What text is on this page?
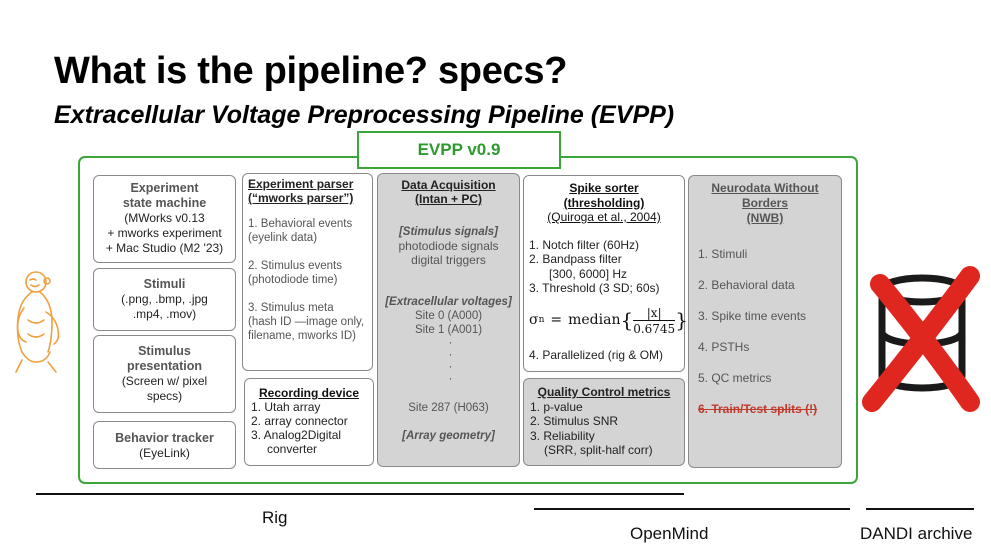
What is the pipeline? specs?
Extracellular Voltage Preprocessing Pipeline (EVPP)
EVPP v0.9

Experiment state machine

(MWorks v0.13

+ mworks experiment

+ Mac Studio (M2 '23)

Stimuli

(.png, .bmp, .jpg

.mp4, .mov)

Stimulus presentation

(Screen w/ pixel specs)

Behavior tracker

(EyeLink)

Experiment parser

(“mworks parser”)

1. Behavioral events

(eyelink data)

2. Stimulus events

(photodiode time)

3. Stimulus meta

(hash ID —image only, filename, mworks ID)

Recording device

1. Utah array

2. array connector

3. Analog2Digital converter

Data Acquisition

(Intan + PC)

[Stimulus signals]

photodiode signals

digital triggers

[Extracellular voltages]

Site 0 (A000)

Site 1 (A001)

·

·

·

·

Site 287 (H063)

[Array geometry]

Spike sorter

(thresholding)

(Quiroga et al., 2004)

1. Notch filter (60Hz)

2. Bandpass filter

[300, 6000] Hz

3. Threshold (3 SD; 60s)

σ n = median { $\frac{|x|}{0.6745}$ }

4. Parallelized (rig & OM)

Quality Control metrics

1. p-value

2. Stimulus SNR

3. Reliability

(SRR, split-half corr)

Neurodata Without

Borders

(NWB)

1. Stimuli

2. Behavioral data

3. Spike time events

4. PSTHs

5. QC metrics

6. Train/Test splits (!)

Rig
OpenMind	DANDI archive
